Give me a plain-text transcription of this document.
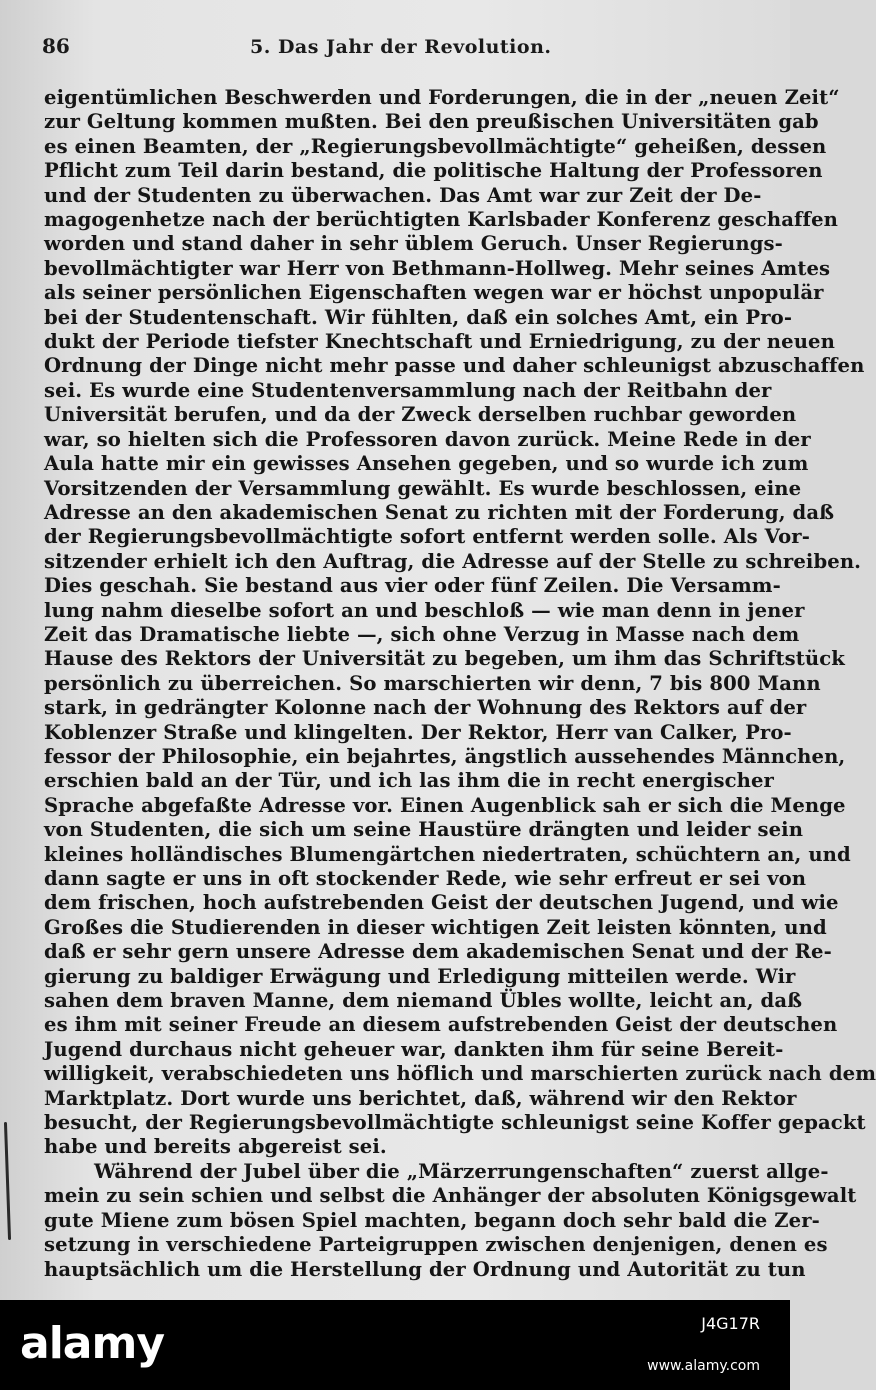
86	5. Das Jahr der Revolution.
eigentümlichen Beschwerden und Forderungen, die in der „neuen Zeit“
zur Geltung kommen mußten. Bei den preußischen Universitäten gab
es einen Beamten, der „Regierungsbevollmächtigte“ geheißen, dessen
Pflicht zum Teil darin bestand, die politische Haltung der Professoren
und der Studenten zu überwachen. Das Amt war zur Zeit der De-
magogenhetze nach der berüchtigten Karlsbader Konferenz geschaffen
worden und stand daher in sehr üblem Geruch. Unser Regierungs-
bevollmächtigter war Herr von Bethmann-Hollweg. Mehr seines Amtes
als seiner persönlichen Eigenschaften wegen war er höchst unpopulär
bei der Studentenschaft. Wir fühlten, daß ein solches Amt, ein Pro-
dukt der Periode tiefster Knechtschaft und Erniedrigung, zu der neuen
Ordnung der Dinge nicht mehr passe und daher schleunigst abzuschaffen
sei. Es wurde eine Studentenversammlung nach der Reitbahn der
Universität berufen, und da der Zweck derselben ruchbar geworden
war, so hielten sich die Professoren davon zurück. Meine Rede in der
Aula hatte mir ein gewisses Ansehen gegeben, und so wurde ich zum
Vorsitzenden der Versammlung gewählt. Es wurde beschlossen, eine
Adresse an den akademischen Senat zu richten mit der Forderung, daß
der Regierungsbevollmächtigte sofort entfernt werden solle. Als Vor-
sitzender erhielt ich den Auftrag, die Adresse auf der Stelle zu schreiben.
Dies geschah. Sie bestand aus vier oder fünf Zeilen. Die Versamm-
lung nahm dieselbe sofort an und beschloß — wie man denn in jener
Zeit das Dramatische liebte —, sich ohne Verzug in Masse nach dem
Hause des Rektors der Universität zu begeben, um ihm das Schriftstück
persönlich zu überreichen. So marschierten wir denn, 7 bis 800 Mann
stark, in gedrängter Kolonne nach der Wohnung des Rektors auf der
Koblenzer Straße und klingelten. Der Rektor, Herr van Calker, Pro-
fessor der Philosophie, ein bejahrtes, ängstlich aussehendes Männchen,
erschien bald an der Tür, und ich las ihm die in recht energischer
Sprache abgefaßte Adresse vor. Einen Augenblick sah er sich die Menge
von Studenten, die sich um seine Haustüre drängten und leider sein
kleines holländisches Blumengärtchen niedertraten, schüchtern an, und
dann sagte er uns in oft stockender Rede, wie sehr erfreut er sei von
dem frischen, hoch aufstrebenden Geist der deutschen Jugend, und wie
Großes die Studierenden in dieser wichtigen Zeit leisten könnten, und
daß er sehr gern unsere Adresse dem akademischen Senat und der Re-
gierung zu baldiger Erwägung und Erledigung mitteilen werde. Wir
sahen dem braven Manne, dem niemand Übles wollte, leicht an, daß
es ihm mit seiner Freude an diesem aufstrebenden Geist der deutschen
Jugend durchaus nicht geheuer war, dankten ihm für seine Bereit-
willigkeit, verabschiedeten uns höflich und marschierten zurück nach dem
Marktplatz. Dort wurde uns berichtet, daß, während wir den Rektor
besucht, der Regierungsbevollmächtigte schleunigst seine Koffer gepackt
habe und bereits abgereist sei.
Während der Jubel über die „Märzerrungenschaften“ zuerst allge-
mein zu sein schien und selbst die Anhänger der absoluten Königsgewalt
gute Miene zum bösen Spiel machten, begann doch sehr bald die Zer-
setzung in verschiedene Parteigruppen zwischen denjenigen, denen es
hauptsächlich um die Herstellung der Ordnung und Autorität zu tun
alamy	J4G17R
www.alamy.com
